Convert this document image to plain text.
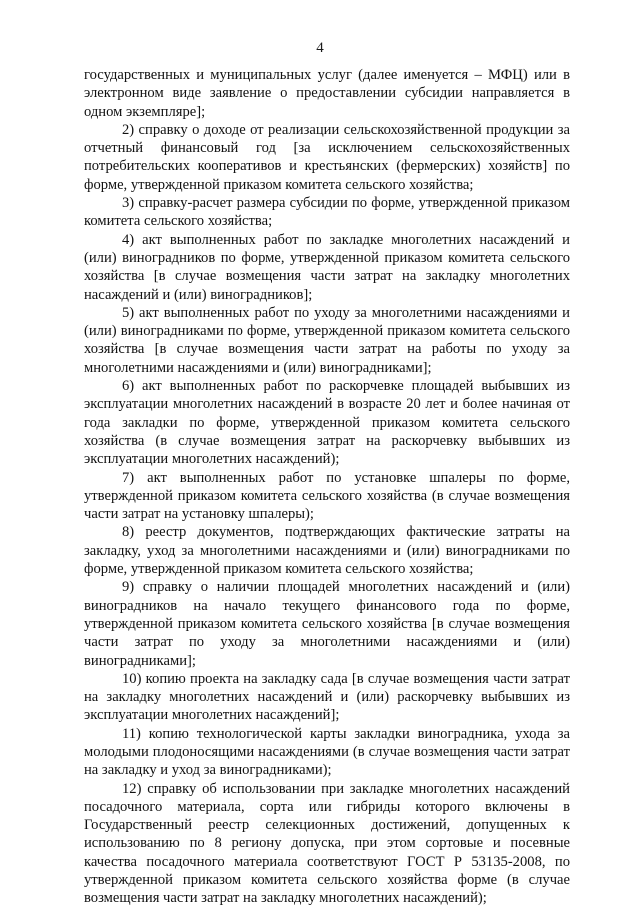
4

государственных и муниципальных услуг (далее именуется – МФЦ) или в электронном виде заявление о предоставлении субсидии направляется в одном экземпляре];

2) справку о доходе от реализации сельскохозяйственной продукции за отчетный финансовый год [за исключением сельскохозяйственных потребительских кооперативов и крестьянских (фермерских) хозяйств] по форме, утвержденной приказом комитета сельского хозяйства;

3) справку-расчет размера субсидии по форме, утвержденной приказом комитета сельского хозяйства;

4) акт выполненных работ по закладке многолетних насаждений и (или) виноградников по форме, утвержденной приказом комитета сельского хозяйства [в случае возмещения части затрат на закладку многолетних насаждений и (или) виноградников];

5) акт выполненных работ по уходу за многолетними насаждениями и (или) виноградниками по форме, утвержденной приказом комитета сельского хозяйства [в случае возмещения части затрат на работы по уходу за многолетними насаждениями и (или) виноградниками];

6) акт выполненных работ по раскорчевке площадей выбывших из эксплуатации многолетних насаждений в возрасте 20 лет и более начиная от года закладки по форме, утвержденной приказом комитета сельского хозяйства (в случае возмещения затрат на раскорчевку выбывших из эксплуатации многолетних насаждений);

7) акт выполненных работ по установке шпалеры по форме, утвержденной приказом комитета сельского хозяйства (в случае возмещения части затрат на установку шпалеры);

8) реестр документов, подтверждающих фактические затраты на закладку, уход за многолетними насаждениями и (или) виноградниками по форме, утвержденной приказом комитета сельского хозяйства;

9) справку о наличии площадей многолетних насаждений и (или) виноградников на начало текущего финансового года по форме, утвержденной приказом комитета сельского хозяйства [в случае возмещения части затрат по уходу за многолетними насаждениями и (или) виноградниками];

10) копию проекта на закладку сада [в случае возмещения части затрат на закладку многолетних насаждений и (или) раскорчевку выбывших из эксплуатации многолетних насаждений];

11) копию технологической карты закладки виноградника, ухода за молодыми плодоносящими насаждениями (в случае возмещения части затрат на закладку и уход за виноградниками);

12) справку об использовании при закладке многолетних насаждений посадочного материала, сорта или гибриды которого включены в Государственный реестр селекционных достижений, допущенных к использованию по 8 региону допуска, при этом сортовые и посевные качества посадочного материала соответствуют ГОСТ Р 53135-2008, по утвержденной приказом комитета сельского хозяйства форме (в случае возмещения части затрат на закладку многолетних насаждений);
